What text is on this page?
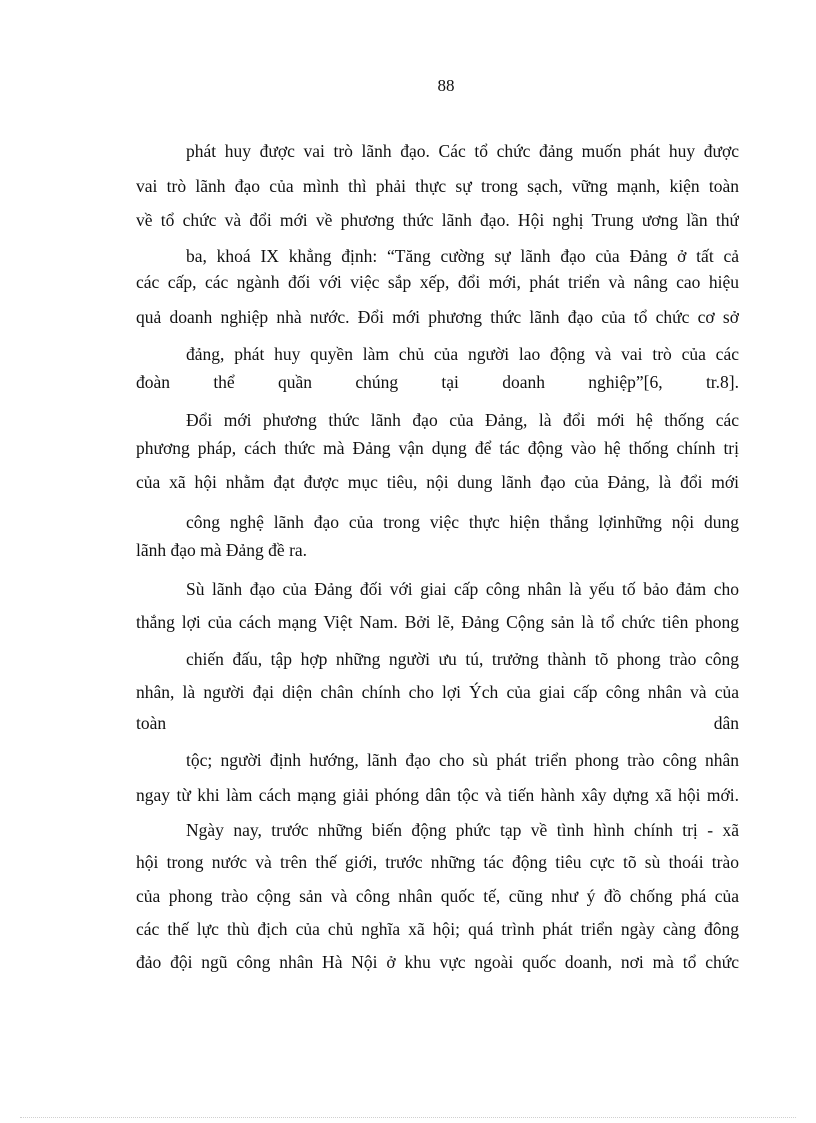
88
phát huy được vai trò lãnh đạo. Các tổ chức đảng muốn phát huy được
vai trò lãnh đạo của mình thì phải thực sự trong sạch, vững mạnh, kiện toàn
về tổ chức và đổi mới về phương thức lãnh đạo. Hội nghị Trung ương lần thứ
ba, khoá IX khẳng định: “Tăng cường sự lãnh đạo của Đảng ở tất cả
các cấp, các ngành đối với việc sắp xếp, đổi mới, phát triển và nâng cao hiệu
quả doanh nghiệp nhà nước. Đổi mới phương thức lãnh đạo của tổ chức cơ sở
đảng, phát huy quyền làm chủ của người lao động và vai trò của các
đoàn thể quần chúng tại doanh nghiệp”[6, tr.8].
Đổi mới phương thức lãnh đạo của Đảng, là đổi mới hệ thống các
phương pháp, cách thức mà Đảng vận dụng để tác động vào hệ thống chính trị
của xã hội nhằm đạt được mục tiêu, nội dung lãnh đạo của Đảng, là đổi mới
công nghệ lãnh đạo của trong việc thực hiện thắng lợinhững nội dung
lãnh đạo mà Đảng đề ra.
Sù lãnh đạo của Đảng đối với giai cấp công nhân là yếu tố bảo đảm cho
thắng lợi của cách mạng Việt Nam. Bởi lẽ, Đảng Cộng sản là tổ chức tiên phong
chiến đấu, tập hợp những người ưu tú, trưởng thành tõ phong trào công
nhân, là người đại diện chân chính cho lợi Ých của giai cấp công nhân và của
toàn dân
tộc; người định hướng, lãnh đạo cho sù phát triển phong trào công nhân
ngay từ khi làm cách mạng giải phóng dân tộc và tiến hành xây dựng xã hội mới.
Ngày nay, trước những biến động phức tạp về tình hình chính trị - xã
hội trong nước và trên thế giới, trước những tác động tiêu cực tõ sù thoái trào
của phong trào cộng sản và công nhân quốc tế, cũng như ý đồ chống phá của
các thế lực thù địch của chủ nghĩa xã hội; quá trình phát triển ngày càng đông
đảo đội ngũ công nhân Hà Nội ở khu vực ngoài quốc doanh, nơi mà tổ chức
